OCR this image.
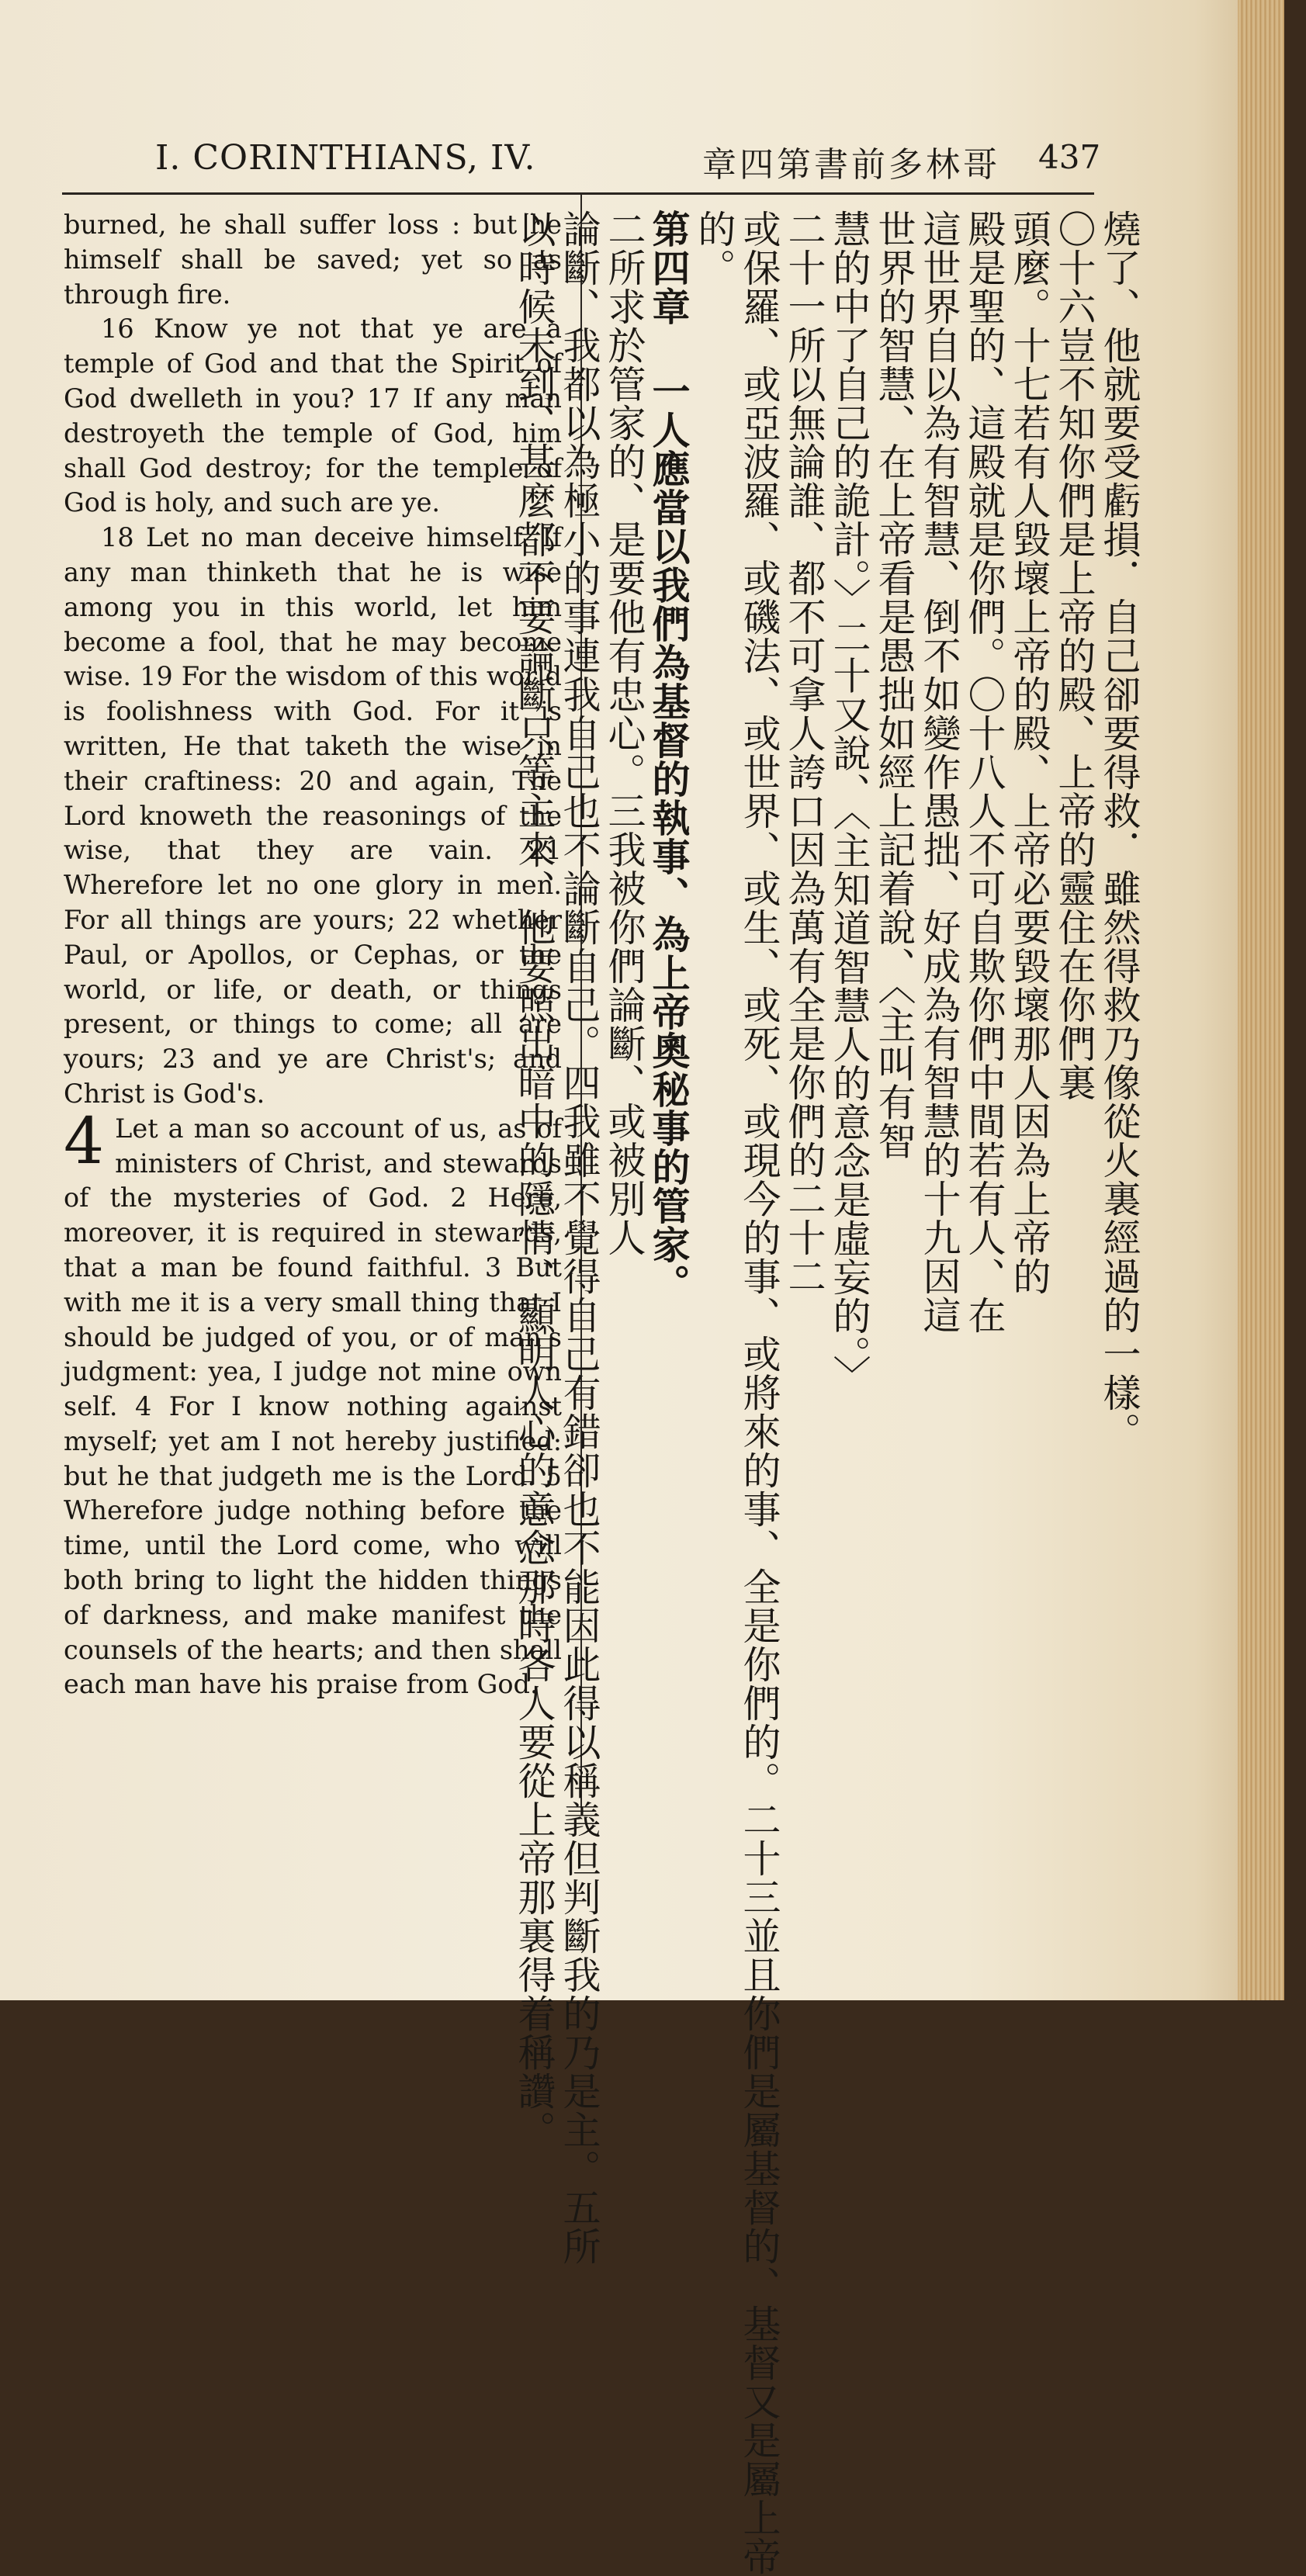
I. CORINTHIANS, IV.	章四第書前多林哥 437

burned, he shall suffer loss : but he himself shall be saved; yet so as through fire.

16 Know ye not that ye are a temple of God and that the Spirit of God dwelleth in you? 17 If any man destroyeth the temple of God, him shall God destroy; for the temple of God is holy, and such are ye.

18 Let no man deceive himself. If any man thinketh that he is wise among you in this world, let him become a fool, that he may become wise. 19 For the wisdom of this world is foolishness with God. For it is written, He that taketh the wise in their craftiness: 20 and again, The Lord knoweth the reasonings of the wise, that they are vain. 21 Wherefore let no one glory in men. For all things are yours; 22 whether Paul, or Apollos, or Cephas, or the world, or life, or death, or things present, or things to come; all are yours; 23 and ye are Christ's; and Christ is God's.

4 Let a man so account of us, as of ministers of Christ, and stewards of the mysteries of God. 2 Here, moreover, it is required in stewards, that a man be found faithful. 3 But with me it is a very small thing that I should be judged of you, or of man's judgment: yea, I judge not mine own self. 4 For I know nothing against myself; yet am I not hereby justified: but he that judgeth me is the Lord. 5 Wherefore judge nothing before the time, until the Lord come, who will both bring to light the hidden things of darkness, and make manifest the counsels of the hearts; and then shall each man have his praise from God.

燒了、他就要受虧損．自己卻要得救．雖然得救乃像從火裏經過的一樣。
〇十六豈不知你們是上帝的殿、上帝的靈住在你們裏
頭麼。十七若有人毀壞上帝的殿、上帝必要毀壞那人因為上帝的
殿是聖的、這殿就是你們。〇十八人不可自欺你們中間若有人、在
這世界自以為有智慧、倒不如變作愚拙、好成為有智慧的十九因這
世界的智慧、在上帝看是愚拙如經上記着說、〈主叫有智
慧的中了自己的詭計。〉二十又說、〈主知道智慧人的意念是虛妄的。〉
二十一所以無論誰、都不可拿人誇口因為萬有全是你們的二十二
或保羅、或亞波羅、或磯法、或世界、或生、或死、或現今的事、或將來的事、全是你們的。二十三並且你們是屬基督的、基督又是屬上帝
的。
第四章 一人應當以我們為基督的執事、為上帝奧秘事的管家。
二所求於管家的、是要他有忠心。三我被你們論斷、或被別人
論斷、我都以為極小的事連我自己也不論斷自己。四我雖不覺得自己有錯卻也不能因此得以稱義但判斷我的乃是主。五所
以時候未到、甚麼都不要論斷只等主來、他要照出暗中的隱情、顯明人心的意念那時各人要從上帝那裏得着稱讚。
